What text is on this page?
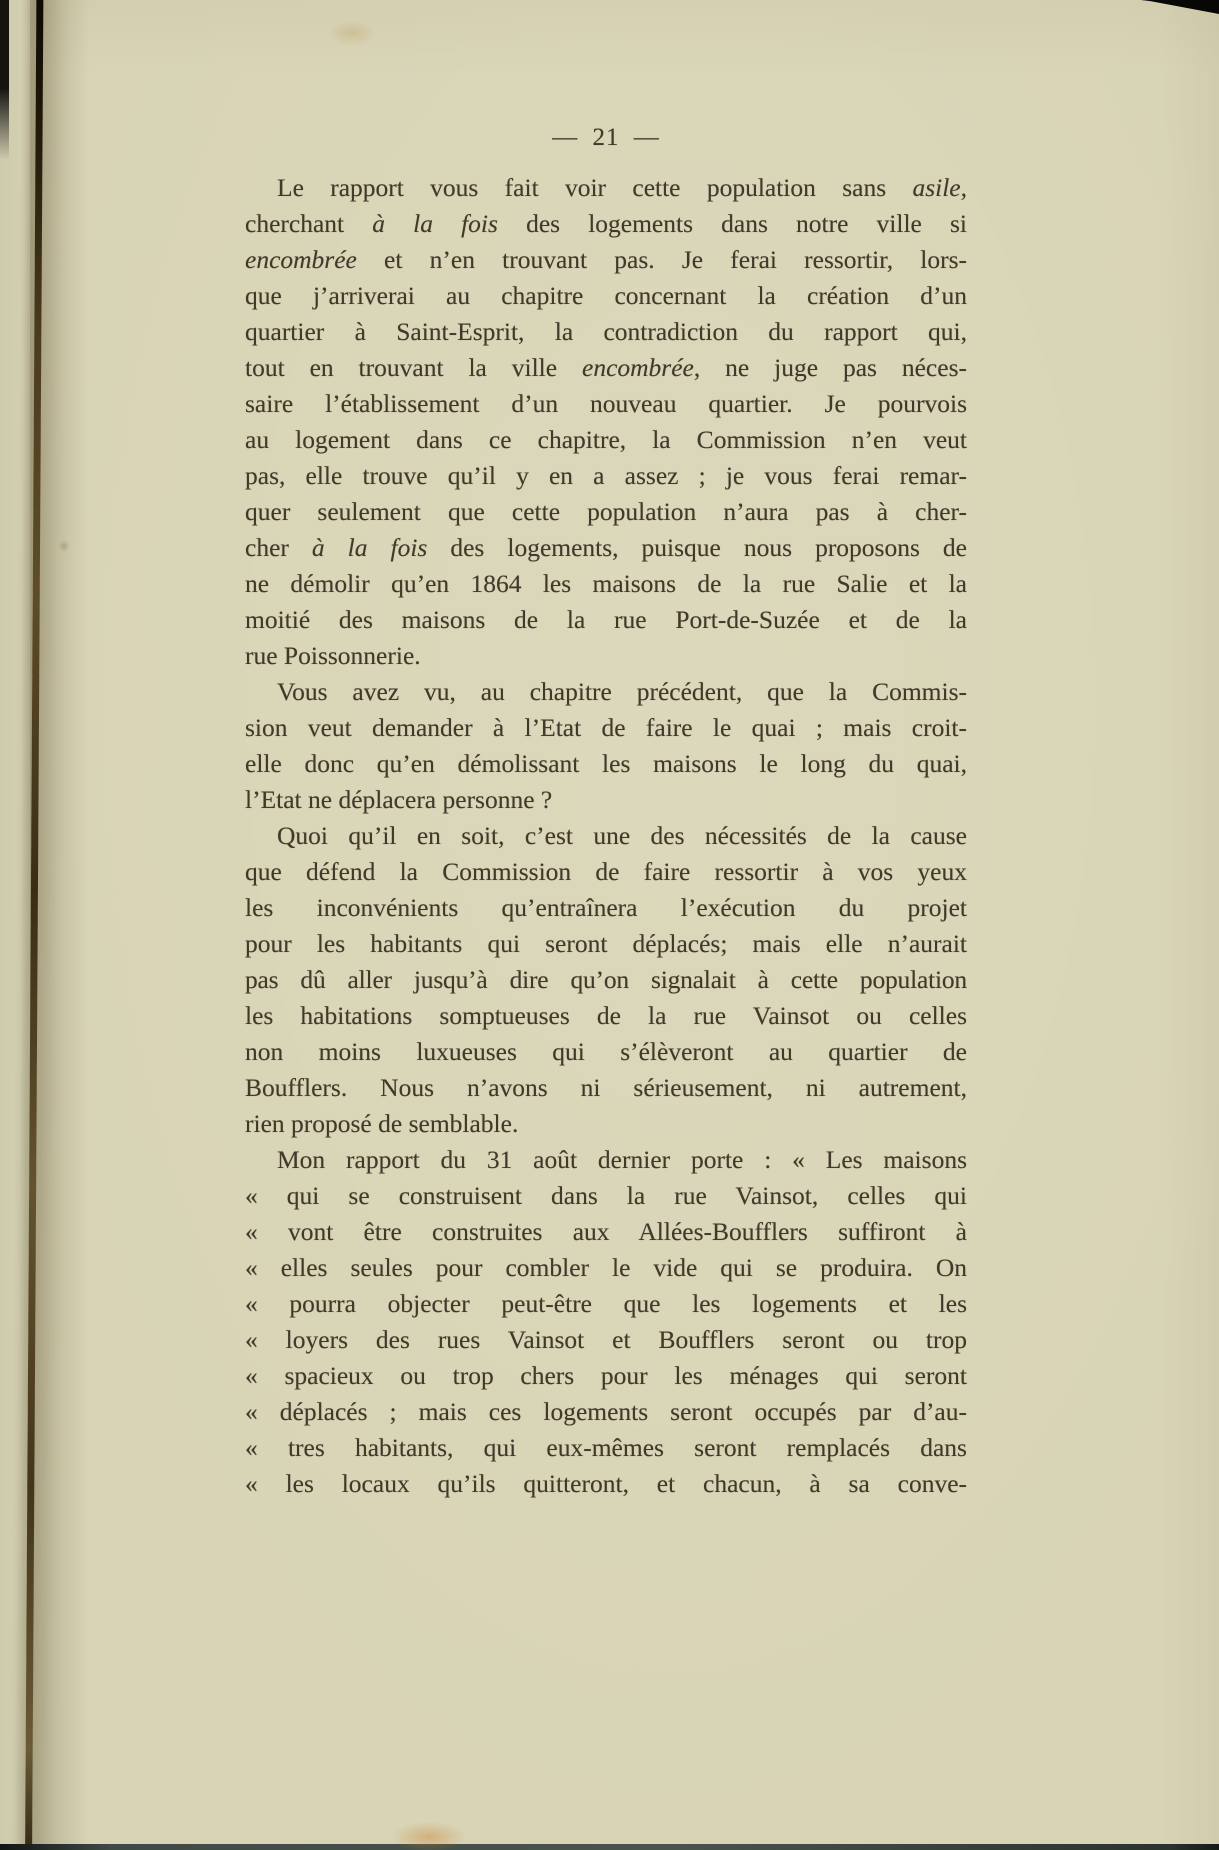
— 21 —
Le rapport vous fait voir cette population sans asile,
cherchant à la fois des logements dans notre ville si
encombrée et n’en trouvant pas. Je ferai ressortir, lors-
que j’arriverai au chapitre concernant la création d’un
quartier à Saint-Esprit, la contradiction du rapport qui,
tout en trouvant la ville encombrée, ne juge pas néces-
saire l’établissement d’un nouveau quartier. Je pourvois
au logement dans ce chapitre, la Commission n’en veut
pas, elle trouve qu’il y en a assez ; je vous ferai remar-
quer seulement que cette population n’aura pas à cher-
cher à la fois des logements, puisque nous proposons de
ne démolir qu’en 1864 les maisons de la rue Salie et la
moitié des maisons de la rue Port-de-Suzée et de la
rue Poissonnerie.
Vous avez vu, au chapitre précédent, que la Commis-
sion veut demander à l’Etat de faire le quai ; mais croit-
elle donc qu’en démolissant les maisons le long du quai,
l’Etat ne déplacera personne ?
Quoi qu’il en soit, c’est une des nécessités de la cause
que défend la Commission de faire ressortir à vos yeux
les inconvénients qu’entraînera l’exécution du projet
pour les habitants qui seront déplacés; mais elle n’aurait
pas dû aller jusqu’à dire qu’on signalait à cette population
les habitations somptueuses de la rue Vainsot ou celles
non moins luxueuses qui s’élèveront au quartier de
Boufflers. Nous n’avons ni sérieusement, ni autrement,
rien proposé de semblable.
Mon rapport du 31 août dernier porte : « Les maisons
« qui se construisent dans la rue Vainsot, celles qui
« vont être construites aux Allées-Boufflers suffiront à
« elles seules pour combler le vide qui se produira. On
« pourra objecter peut-être que les logements et les
« loyers des rues Vainsot et Boufflers seront ou trop
« spacieux ou trop chers pour les ménages qui seront
« déplacés ; mais ces logements seront occupés par d’au-
« tres habitants, qui eux-mêmes seront remplacés dans
« les locaux qu’ils quitteront, et chacun, à sa conve-
